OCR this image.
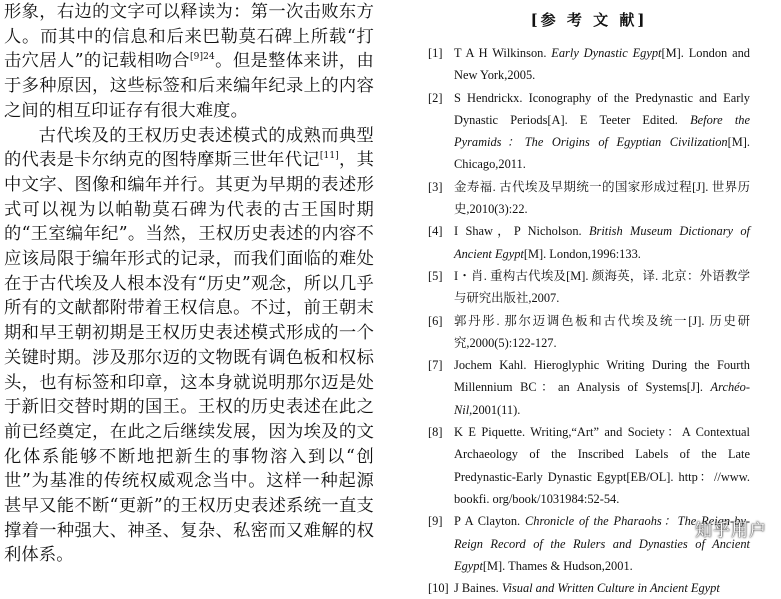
形象，右边的文字可以释读为：第一次击败东方人。而其中的信息和后来巴勒莫石碑上所载“打击穴居人”的记载相吻合$^{[9]24}$。但是整体来讲，由于多种原因，这些标签和后来编年纪录上的内容之间的相互印证存有很大难度。

古代埃及的王权历史表述模式的成熟而典型的代表是卡尔纳克的图特摩斯三世年代记[11]，其中文字、图像和编年并行。其更为早期的表述形式可以视为以帕勒莫石碑为代表的古王国时期的“王室编年纪”。当然，王权历史表述的内容不应该局限于编年形式的记录，而我们面临的难处在于古代埃及人根本没有“历史”观念，所以几乎所有的文献都附带着王权信息。不过，前王朝末期和早王朝初期是王权历史表述模式形成的一个关键时期。涉及那尔迈的文物既有调色板和权标头，也有标签和印章，这本身就说明那尔迈是处于新旧交替时期的国王。王权的历史表述在此之前已经奠定，在此之后继续发展，因为埃及的文化体系能够不断地把新生的事物溶入到以“创世”为基准的传统权威观念当中。这样一种起源甚早又能不断“更新”的王权历史表述系统一直支撑着一种强大、神圣、复杂、私密而又难解的权利体系。

[参 考 文 献]
[1] T A H Wilkinson. Early Dynastic Egypt[M]. London and New York,2005.
[2] S Hendrickx. Iconography of the Predynastic and Early Dynastic Periods[A]. E Teeter Edited. Before the Pyramids：The Origins of Egyptian Civilization[M]. Chicago,2011.
[3] 金寿福. 古代埃及早期统一的国家形成过程[J]. 世界历史,2010(3):22.
[4] I Shaw，P Nicholson. British Museum Dictionary of Ancient Egypt[M]. London,1996:133.
[5] I・肖. 重构古代埃及[M]. 颜海英，译. 北京：外语教学与研究出版社,2007.
[6] 郭丹彤. 那尔迈调色板和古代埃及统一[J]. 历史研究,2000(5):122-127.
[7] Jochem Kahl. Hieroglyphic Writing During the Fourth Millennium BC：an Analysis of Systems[J]. Archéo-Nil,2001(11).
[8] K E Piquette. Writing,“Art” and Society：A Contextual Archaeology of the Inscribed Labels of the Late Predynastic-Early Dynastic Egypt[EB/OL]. http：//www. bookfi. org/book/1031984:52-54.
[9] P A Clayton. Chronicle of the Pharaohs：The Reign-by-Reign Record of the Rulers and Dynasties of Ancient Egypt[M]. Thames & Hudson,2001.
[10] J Baines. Visual and Written Culture in Ancient Egypt
知乎用户
